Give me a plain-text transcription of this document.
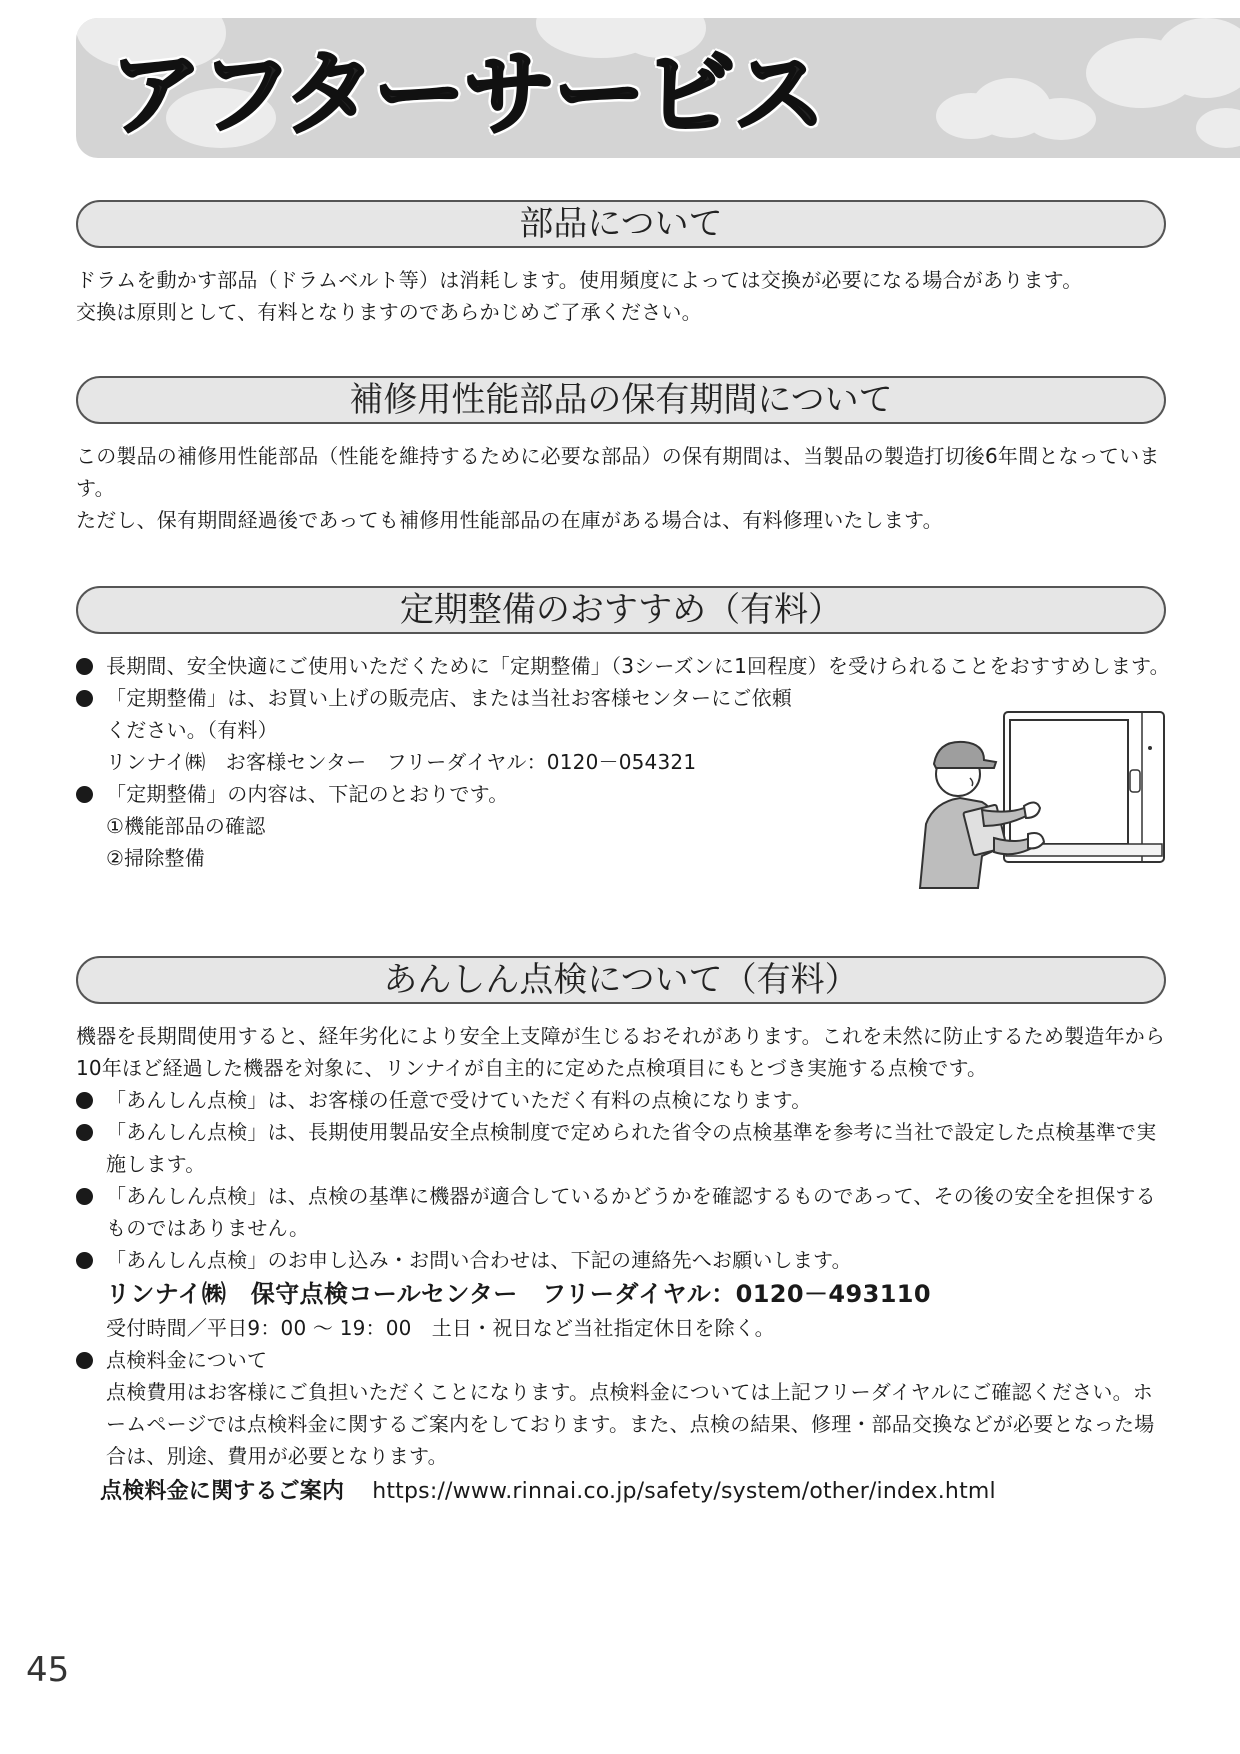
アフターサービス
部品について

ドラムを動かす部品（ドラムベルト等）は消耗します。使用頻度によっては交換が必要になる場合があります。

交換は原則として、有料となりますのであらかじめご了承ください。

補修用性能部品の保有期間について

この製品の補修用性能部品（性能を維持するために必要な部品）の保有期間は、当製品の製造打切後6年間となっています。

ただし、保有期間経過後であっても補修用性能部品の在庫がある場合は、有料修理いたします。

定期整備のおすすめ（有料）

長期間、安全快適にご使用いただくために「定期整備」（3シーズンに1回程度）を受けられることをおすすめします。

「定期整備」は、お買い上げの販売店、または当社お客様センターにご依頼

ください。（有料）

リンナイ㈱　お客様センター　フリーダイヤル：0120－054321

「定期整備」の内容は、下記のとおりです。

①機能部品の確認

②掃除整備

あんしん点検について（有料）

機器を長期間使用すると、経年劣化により安全上支障が生じるおそれがあります。これを未然に防止するため製造年から10年ほど経過した機器を対象に、リンナイが自主的に定めた点検項目にもとづき実施する点検です。

「あんしん点検」は、お客様の任意で受けていただく有料の点検になります。

「あんしん点検」は、長期使用製品安全点検制度で定められた省令の点検基準を参考に当社で設定した点検基準で実施します。

「あんしん点検」は、点検の基準に機器が適合しているかどうかを確認するものであって、その後の安全を担保するものではありません。

「あんしん点検」のお申し込み・お問い合わせは、下記の連絡先へお願いします。

リンナイ㈱　保守点検コールセンター　フリーダイヤル：0120－493110

受付時間／平日9：00 ～ 19：00　土日・祝日など当社指定休日を除く。

点検料金について

点検費用はお客様にご負担いただくことになります。点検料金については上記フリーダイヤルにご確認ください。ホームページでは点検料金に関するご案内をしております。また、点検の結果、修理・部品交換などが必要となった場合は、別途、費用が必要となります。

点検料金に関するご案内 https://www.rinnai.co.jp/safety/system/other/index.html

45
